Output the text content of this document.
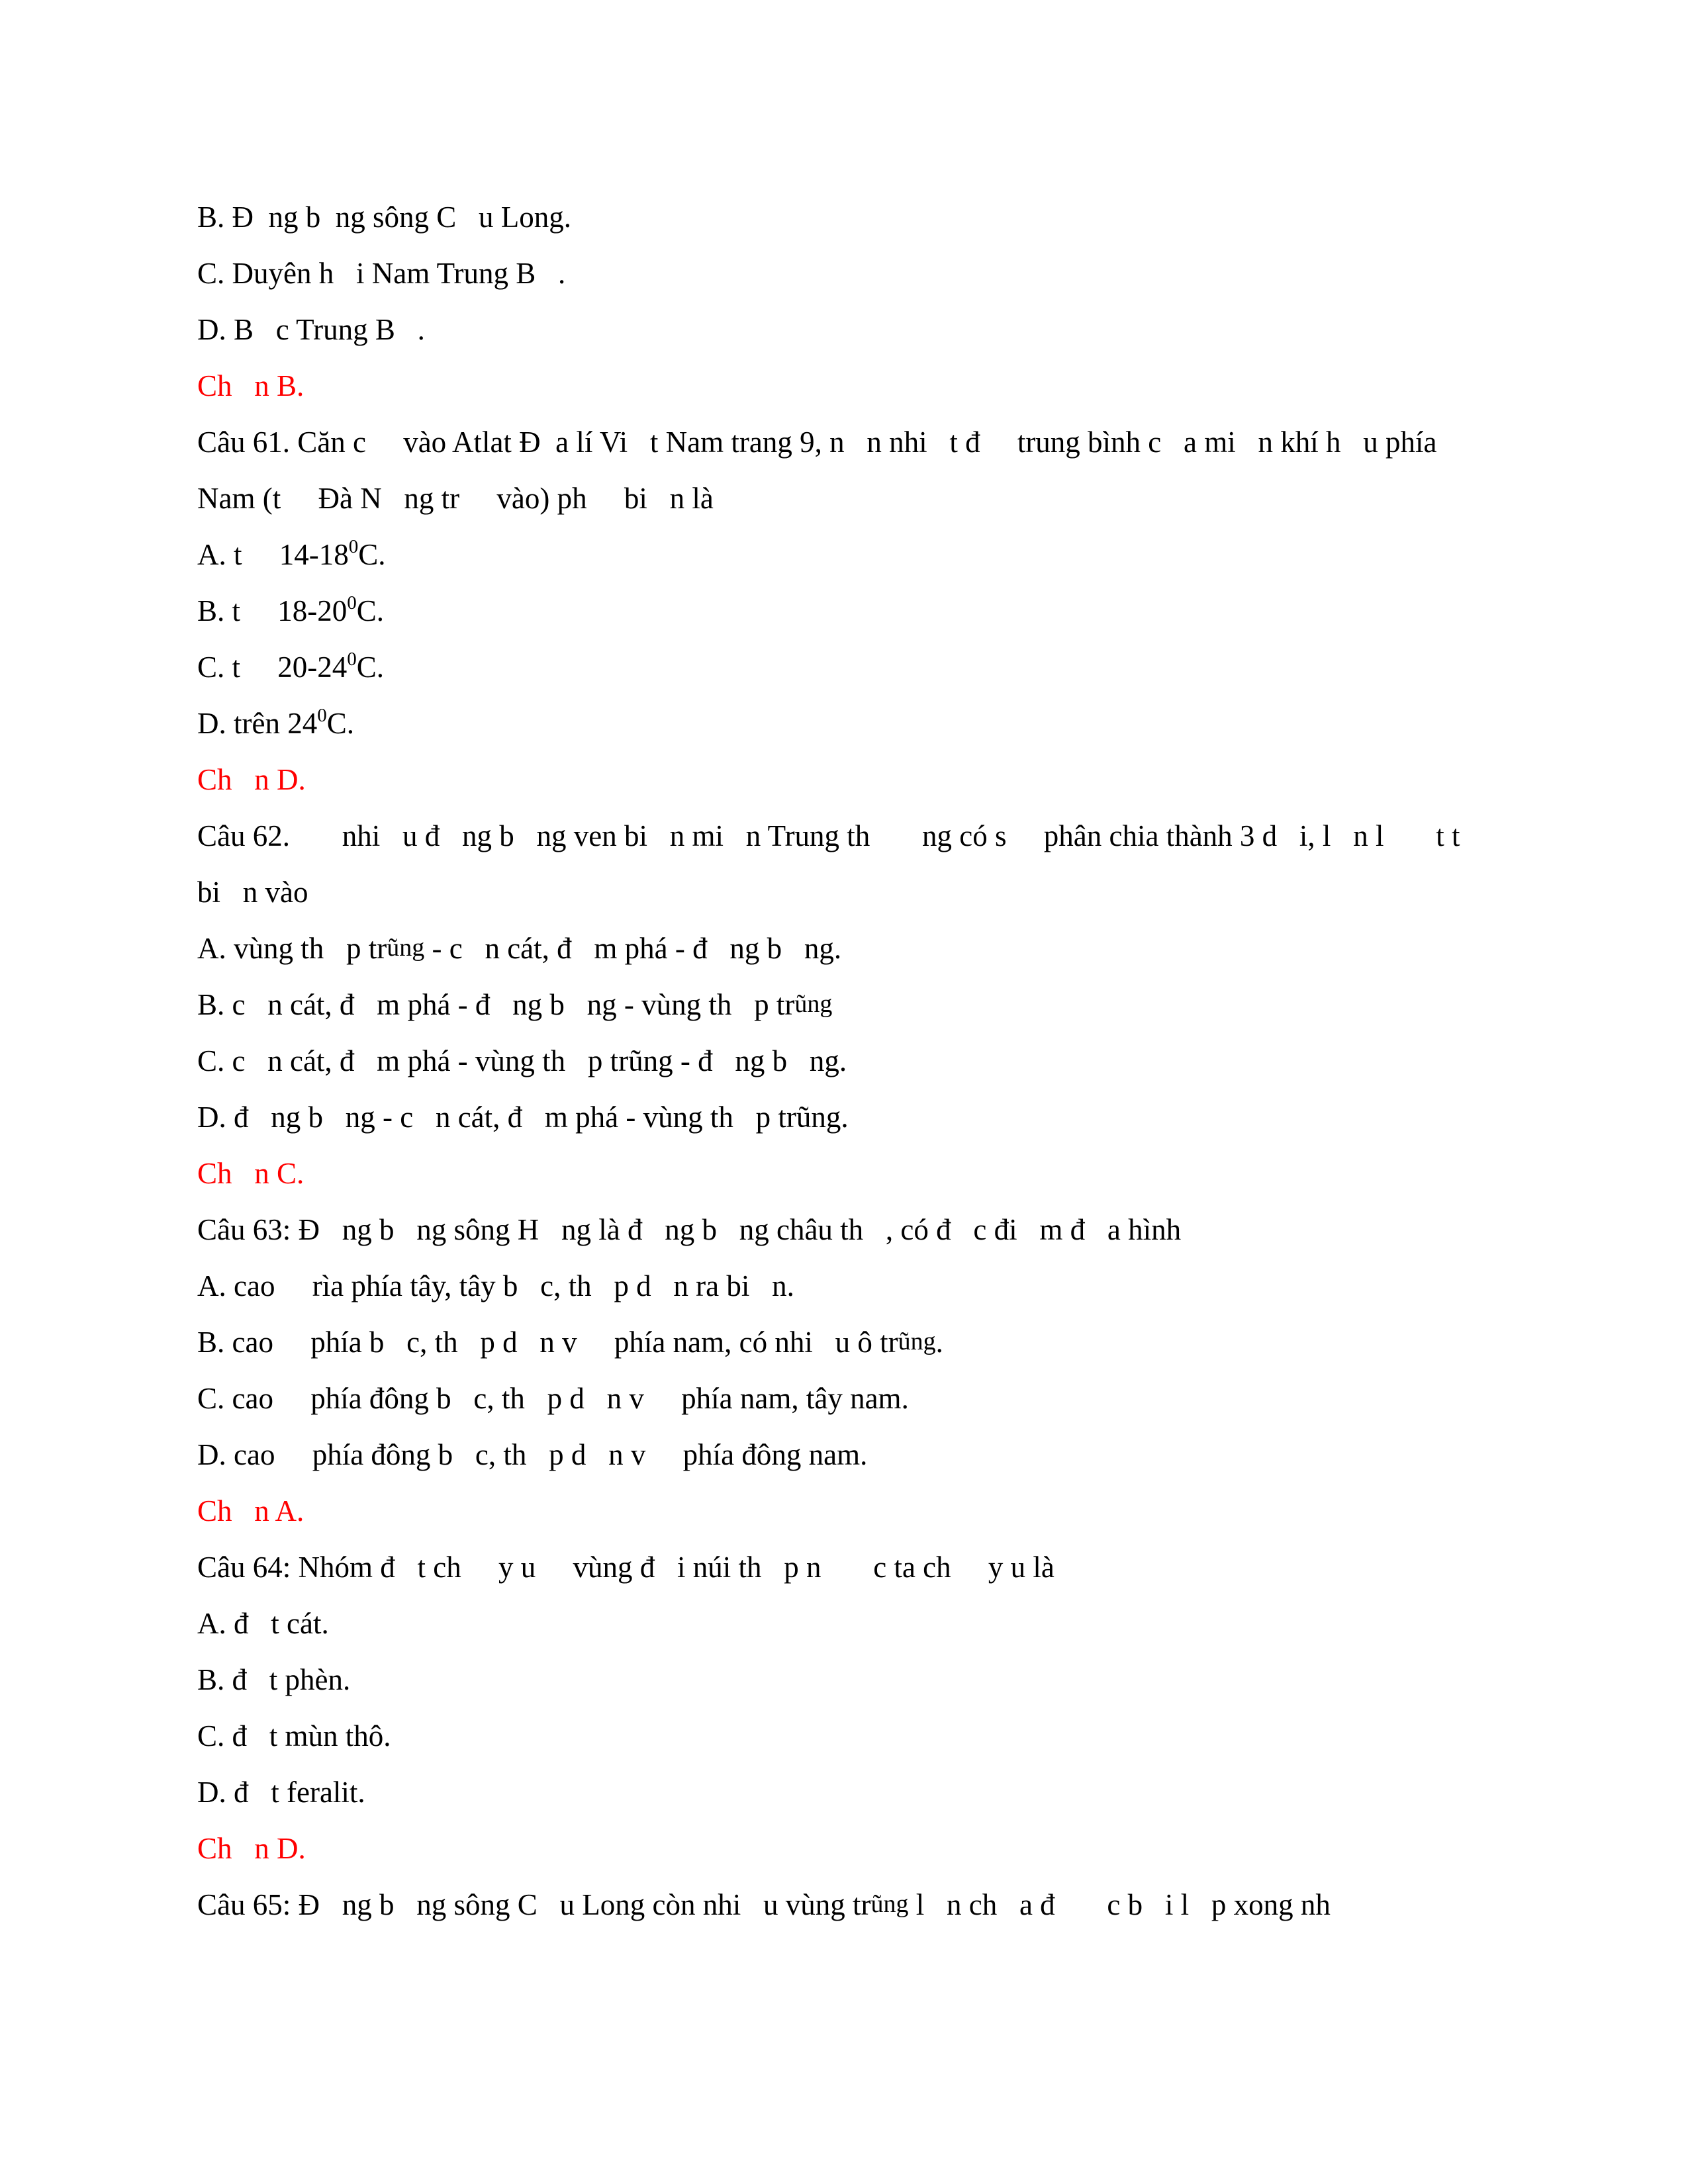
B. Đ  ng b  ng sông C   u Long.

C. Duyên h   i Nam Trung B   .

D. B   c Trung B   .

Ch   n B.

Câu 61. Căn c     vào Atlat Đ  a lí Vi   t Nam trang 9, n   n nhi   t đ     trung bình c   a mi   n khí h   u phía

Nam (t     Đà N   ng tr     vào) ph     bi   n là

A. t     $14-18^0C$.

B. t     $18-20^0C$.

C. t     $20-24^0C$.

D. trên $24^0C$.

Ch   n D.

Câu 62.       nhi   u đ   ng b   ng ven bi   n mi   n Trung th       ng có s     phân chia thành 3 d   i, l   n l       t t

bi   n vào

A. vùng th   p trũng - c   n cát, đ   m phá - đ   ng b   ng.

B. c   n cát, đ   m phá - đ   ng b   ng - vùng th   p trũng

C. c   n cát, đ   m phá - vùng th   p trũng - đ   ng b   ng.

D. đ   ng b   ng - c   n cát, đ   m phá - vùng th   p trũng.

Ch   n C.

Câu 63: Đ   ng b   ng sông H   ng là đ   ng b   ng châu th   , có đ   c đi   m đ   a hình

A. cao     rìa phía tây, tây b   c, th   p d   n ra bi   n.

B. cao     phía b   c, th   p d   n v     phía nam, có nhi   u ô trũng.

C. cao     phía đông b   c, th   p d   n v     phía nam, tây nam.

D. cao     phía đông b   c, th   p d   n v     phía đông nam.

Ch   n A.

Câu 64: Nhóm đ   t ch     y u     vùng đ   i núi th   p n       c ta ch     y u là

A. đ   t cát.

B. đ   t phèn.

C. đ   t mùn thô.

D. đ   t feralit.

Ch   n D.

Câu 65: Đ   ng b   ng sông C   u Long còn nhi   u vùng trũng l   n ch   a đ       c b   i l   p xong nh
